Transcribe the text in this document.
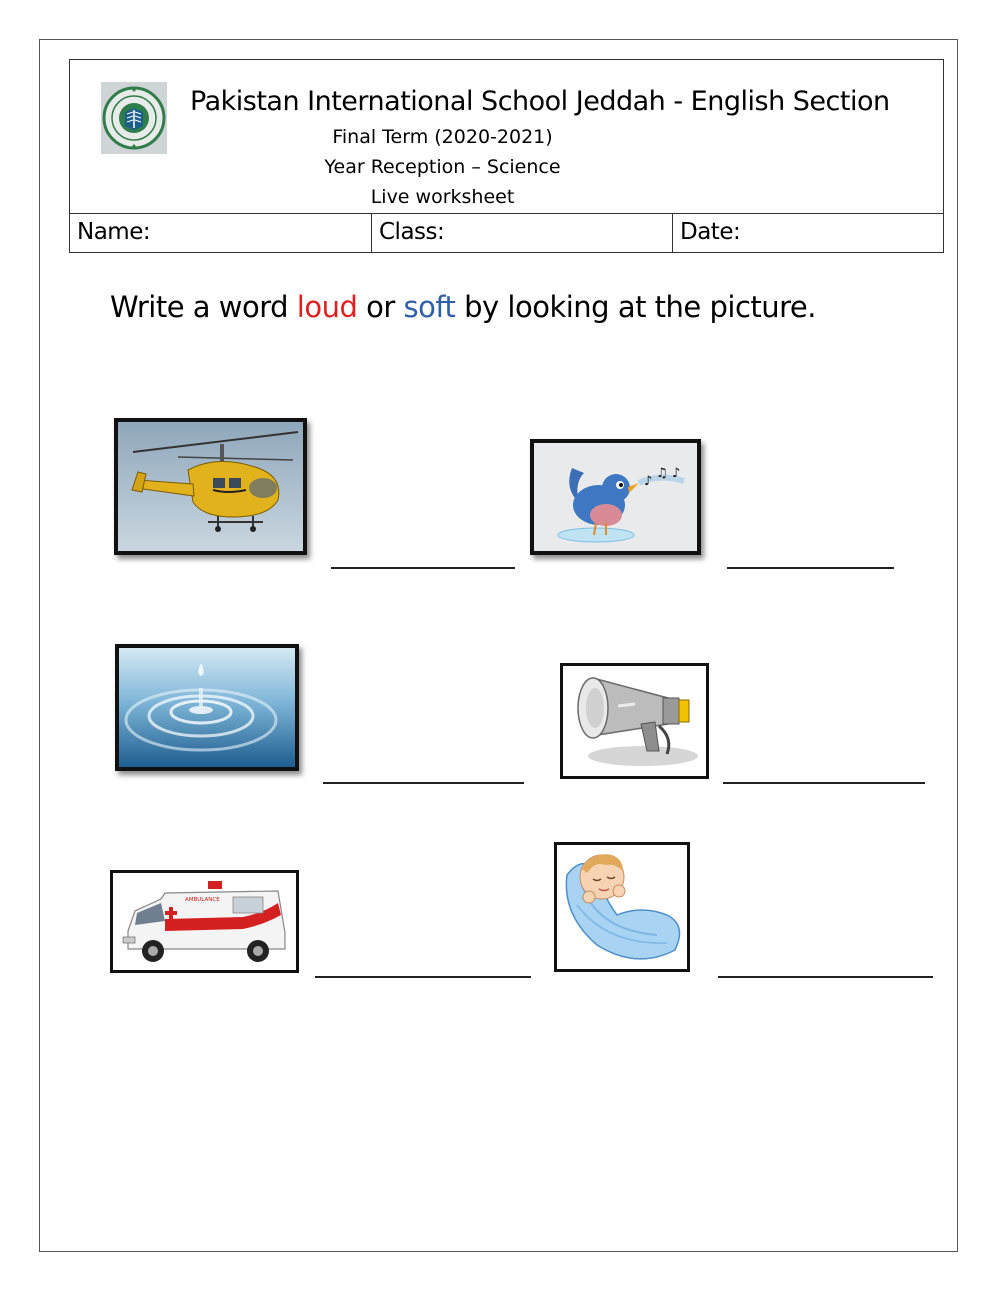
Pakistan International School Jeddah - English Section
Final Term (2020-2021)
Year Reception – Science
Live worksheet
Name:	Class:	Date:
Write a word loud or soft by looking at the picture.
♪
♫ ♪
AMBULANCE
